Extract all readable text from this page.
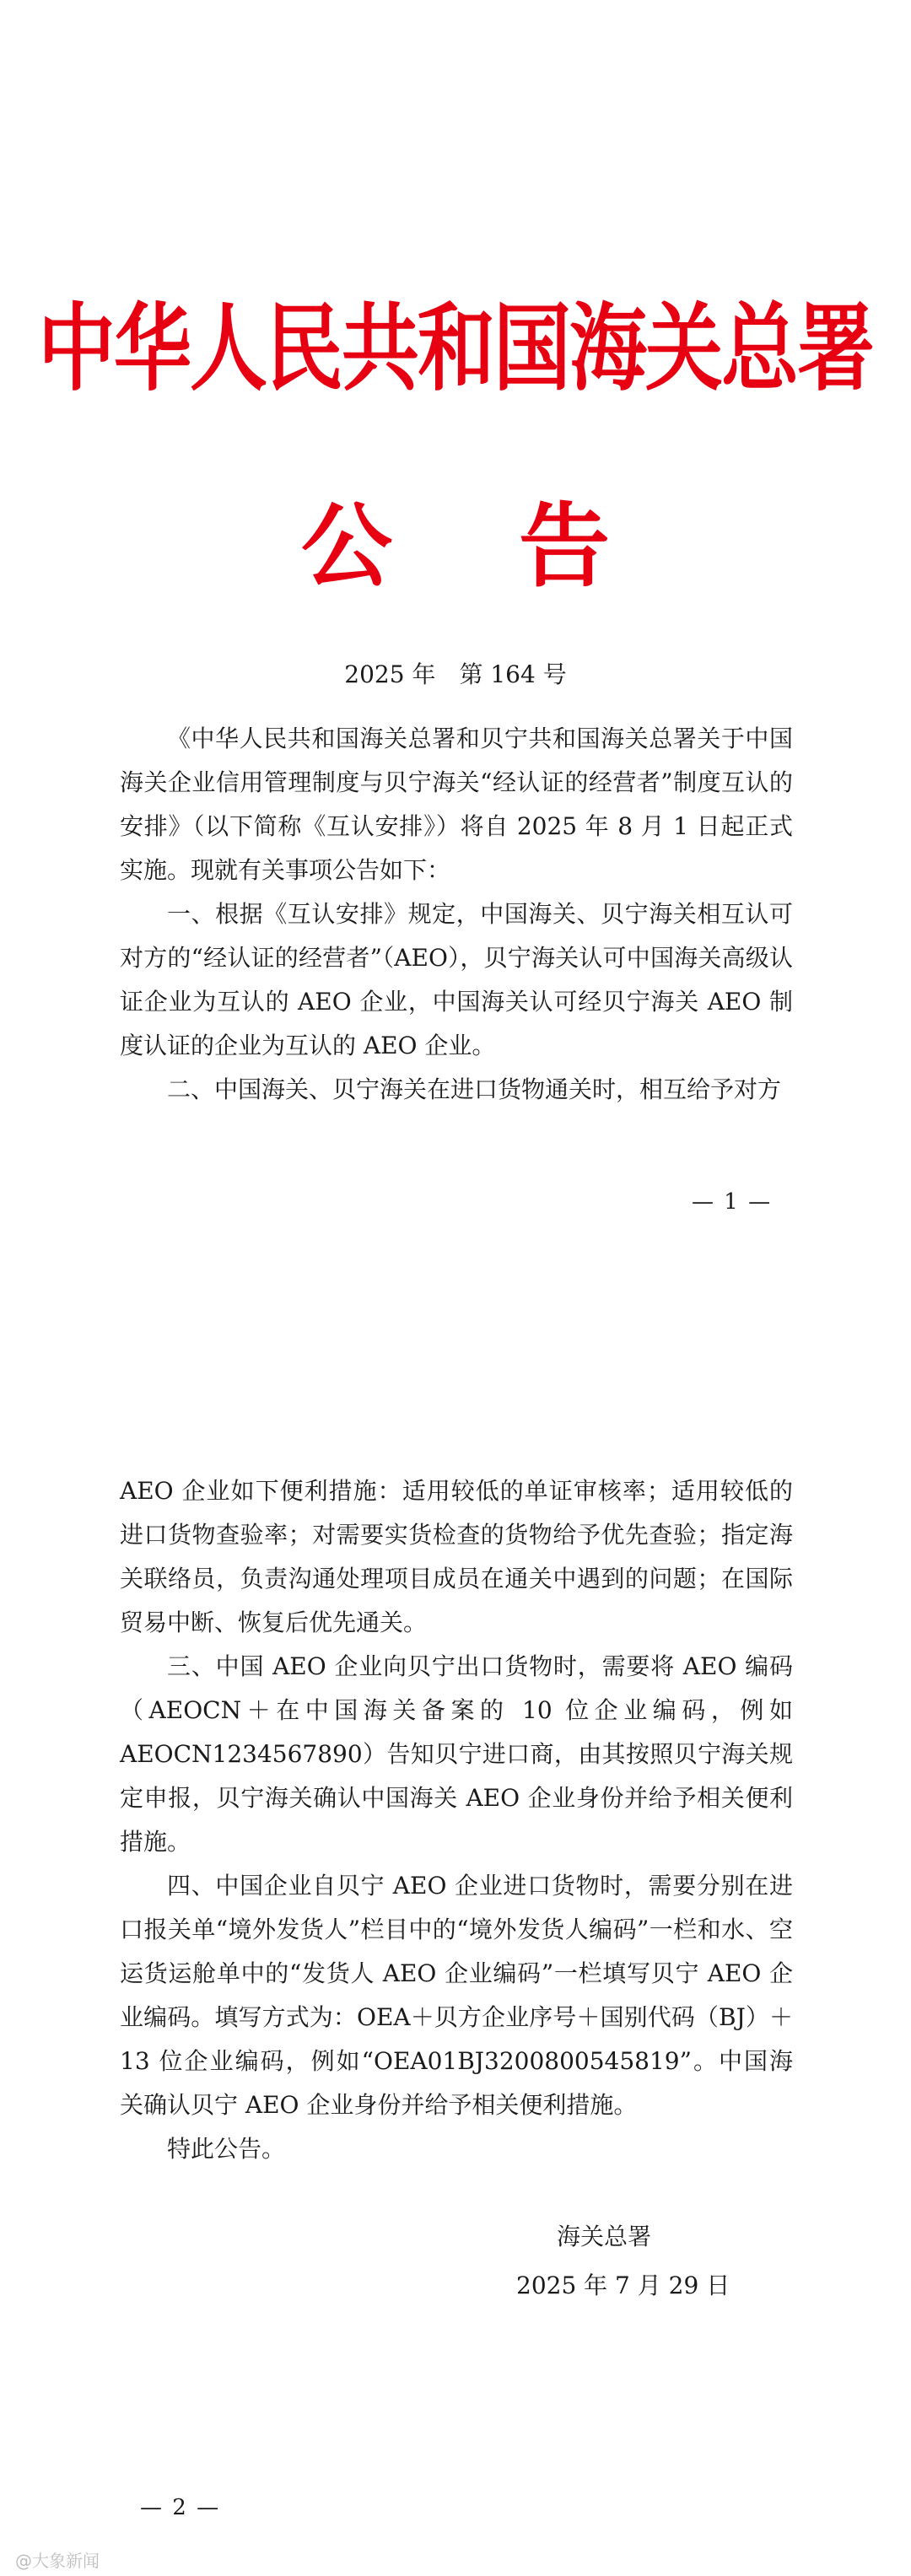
中华人民共和国海关总署
公 告
2025 年　第 164 号

《中华人民共和国海关总署和贝宁共和国海关总署关于中国海关企业信用管理制度与贝宁海关“经认证的经营者”制度互认的安排》（以下简称《互认安排》）将自 2025 年 8 月 1 日起正式实施。现就有关事项公告如下：

一、根据《互认安排》规定，中国海关、贝宁海关相互认可对方的“经认证的经营者”（AEO），贝宁海关认可中国海关高级认证企业为互认的 AEO 企业，中国海关认可经贝宁海关 AEO 制度认证的企业为互认的 AEO 企业。

二、中国海关、贝宁海关在进口货物通关时，相互给予对方

— 1 —

AEO 企业如下便利措施：适用较低的单证审核率；适用较低的进口货物查验率；对需要实货检查的货物给予优先查验；指定海关联络员，负责沟通处理项目成员在通关中遇到的问题；在国际贸易中断、恢复后优先通关。

三、中国 AEO 企业向贝宁出口货物时，需要将 AEO 编码（AEOCN＋在中国海关备案的 10 位企业编码，例如 AEOCN1234567890）告知贝宁进口商，由其按照贝宁海关规定申报，贝宁海关确认中国海关 AEO 企业身份并给予相关便利措施。

四、中国企业自贝宁 AEO 企业进口货物时，需要分别在进口报关单“境外发货人”栏目中的“境外发货人编码”一栏和水、空运货运舱单中的“发货人 AEO 企业编码”一栏填写贝宁 AEO 企业编码。填写方式为：OEA＋贝方企业序号＋国别代码（BJ）＋13 位企业编码，例如“OEA01BJ3200800545819”。中国海关确认贝宁 AEO 企业身份并给予相关便利措施。

特此公告。

海关总署
2025 年 7 月 29 日
— 2 —
@大象新闻
